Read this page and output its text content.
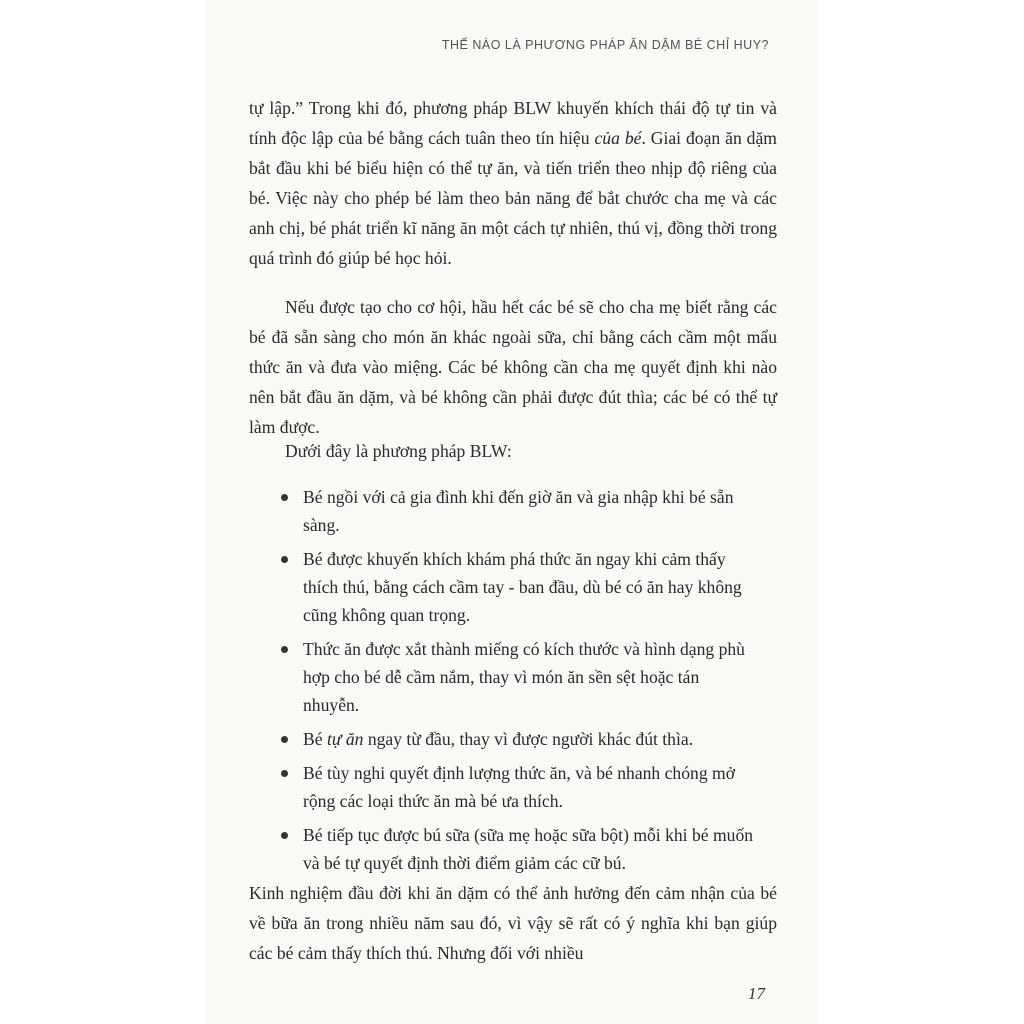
THẾ NÀO LÀ PHƯƠNG PHÁP ĂN DẶM BÉ CHỈ HUY?

tự lập.” Trong khi đó, phương pháp BLW khuyến khích thái độ tự tin và tính độc lập của bé bằng cách tuân theo tín hiệu của bé. Giai đoạn ăn dặm bắt đầu khi bé biểu hiện có thể tự ăn, và tiến triển theo nhịp độ riêng của bé. Việc này cho phép bé làm theo bản năng để bắt chước cha mẹ và các anh chị, bé phát triển kĩ năng ăn một cách tự nhiên, thú vị, đồng thời trong quá trình đó giúp bé học hỏi.

Nếu được tạo cho cơ hội, hầu hết các bé sẽ cho cha mẹ biết rằng các bé đã sẵn sàng cho món ăn khác ngoài sữa, chỉ bằng cách cầm một mẩu thức ăn và đưa vào miệng. Các bé không cần cha mẹ quyết định khi nào nên bắt đầu ăn dặm, và bé không cần phải được đút thìa; các bé có thể tự làm được.

Dưới đây là phương pháp BLW:

Bé ngồi với cả gia đình khi đến giờ ăn và gia nhập khi bé sẵn sàng.
Bé được khuyến khích khám phá thức ăn ngay khi cảm thấy thích thú, bằng cách cầm tay - ban đầu, dù bé có ăn hay không cũng không quan trọng.
Thức ăn được xắt thành miếng có kích thước và hình dạng phù hợp cho bé dễ cầm nắm, thay vì món ăn sền sệt hoặc tán nhuyễn.
Bé tự ăn ngay từ đầu, thay vì được người khác đút thìa.
Bé tùy nghi quyết định lượng thức ăn, và bé nhanh chóng mở rộng các loại thức ăn mà bé ưa thích.
Bé tiếp tục được bú sữa (sữa mẹ hoặc sữa bột) mỗi khi bé muốn và bé tự quyết định thời điểm giảm các cữ bú.

Kinh nghiệm đầu đời khi ăn dặm có thể ảnh hưởng đến cảm nhận của bé về bữa ăn trong nhiều năm sau đó, vì vậy sẽ rất có ý nghĩa khi bạn giúp các bé cảm thấy thích thú. Nhưng đối với nhiều

17
